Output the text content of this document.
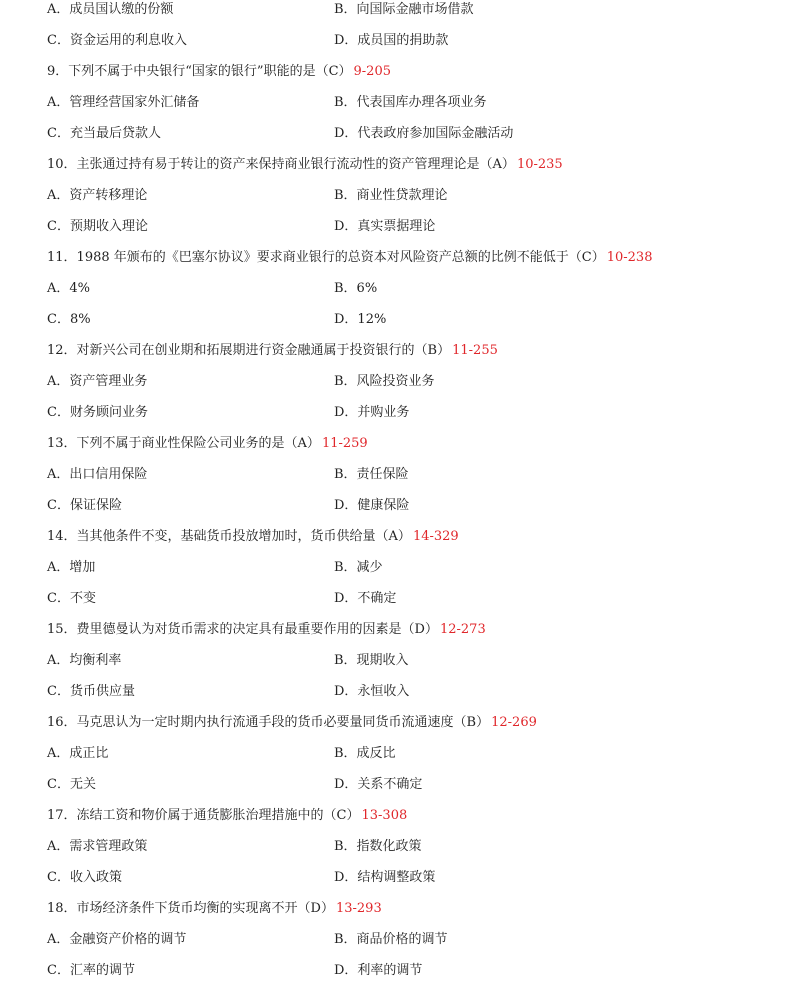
A．成员国认缴的份额	B．向国际金融市场借款
C．资金运用的利息收入	D．成员国的捐助款
9．下列不属于中央银行“国家的银行”职能的是（C） 9-205
A．管理经营国家外汇储备	B．代表国库办理各项业务
C．充当最后贷款人	D．代表政府参加国际金融活动
10．主张通过持有易于转让的资产来保持商业银行流动性的资产管理理论是（A） 10-235
A．资产转移理论	B．商业性贷款理论
C．预期收入理论	D．真实票据理论
11．1988 年颁布的《巴塞尔协议》要求商业银行的总资本对风险资产总额的比例不能低于（C） 10-238
A．4%	B．6%
C．8%	D．12%
12．对新兴公司在创业期和拓展期进行资金融通属于投资银行的（B） 11-255
A．资产管理业务	B．风险投资业务
C．财务顾问业务	D．并购业务
13．下列不属于商业性保险公司业务的是（A） 11-259
A．出口信用保险	B．责任保险
C．保证保险	D．健康保险
14．当其他条件不变，基础货币投放增加时，货币供给量（A） 14-329
A．增加	B．减少
C．不变	D．不确定
15．费里德曼认为对货币需求的决定具有最重要作用的因素是（D） 12-273
A．均衡利率	B．现期收入
C．货币供应量	D．永恒收入
16．马克思认为一定时期内执行流通手段的货币必要量同货币流通速度（B） 12-269
A．成正比	B．成反比
C．无关	D．关系不确定
17．冻结工资和物价属于通货膨胀治理措施中的（C） 13-308
A．需求管理政策	B．指数化政策
C．收入政策	D．结构调整政策
18．市场经济条件下货币均衡的实现离不开（D） 13-293
A．金融资产价格的调节	B．商品价格的调节
C．汇率的调节	D．利率的调节
